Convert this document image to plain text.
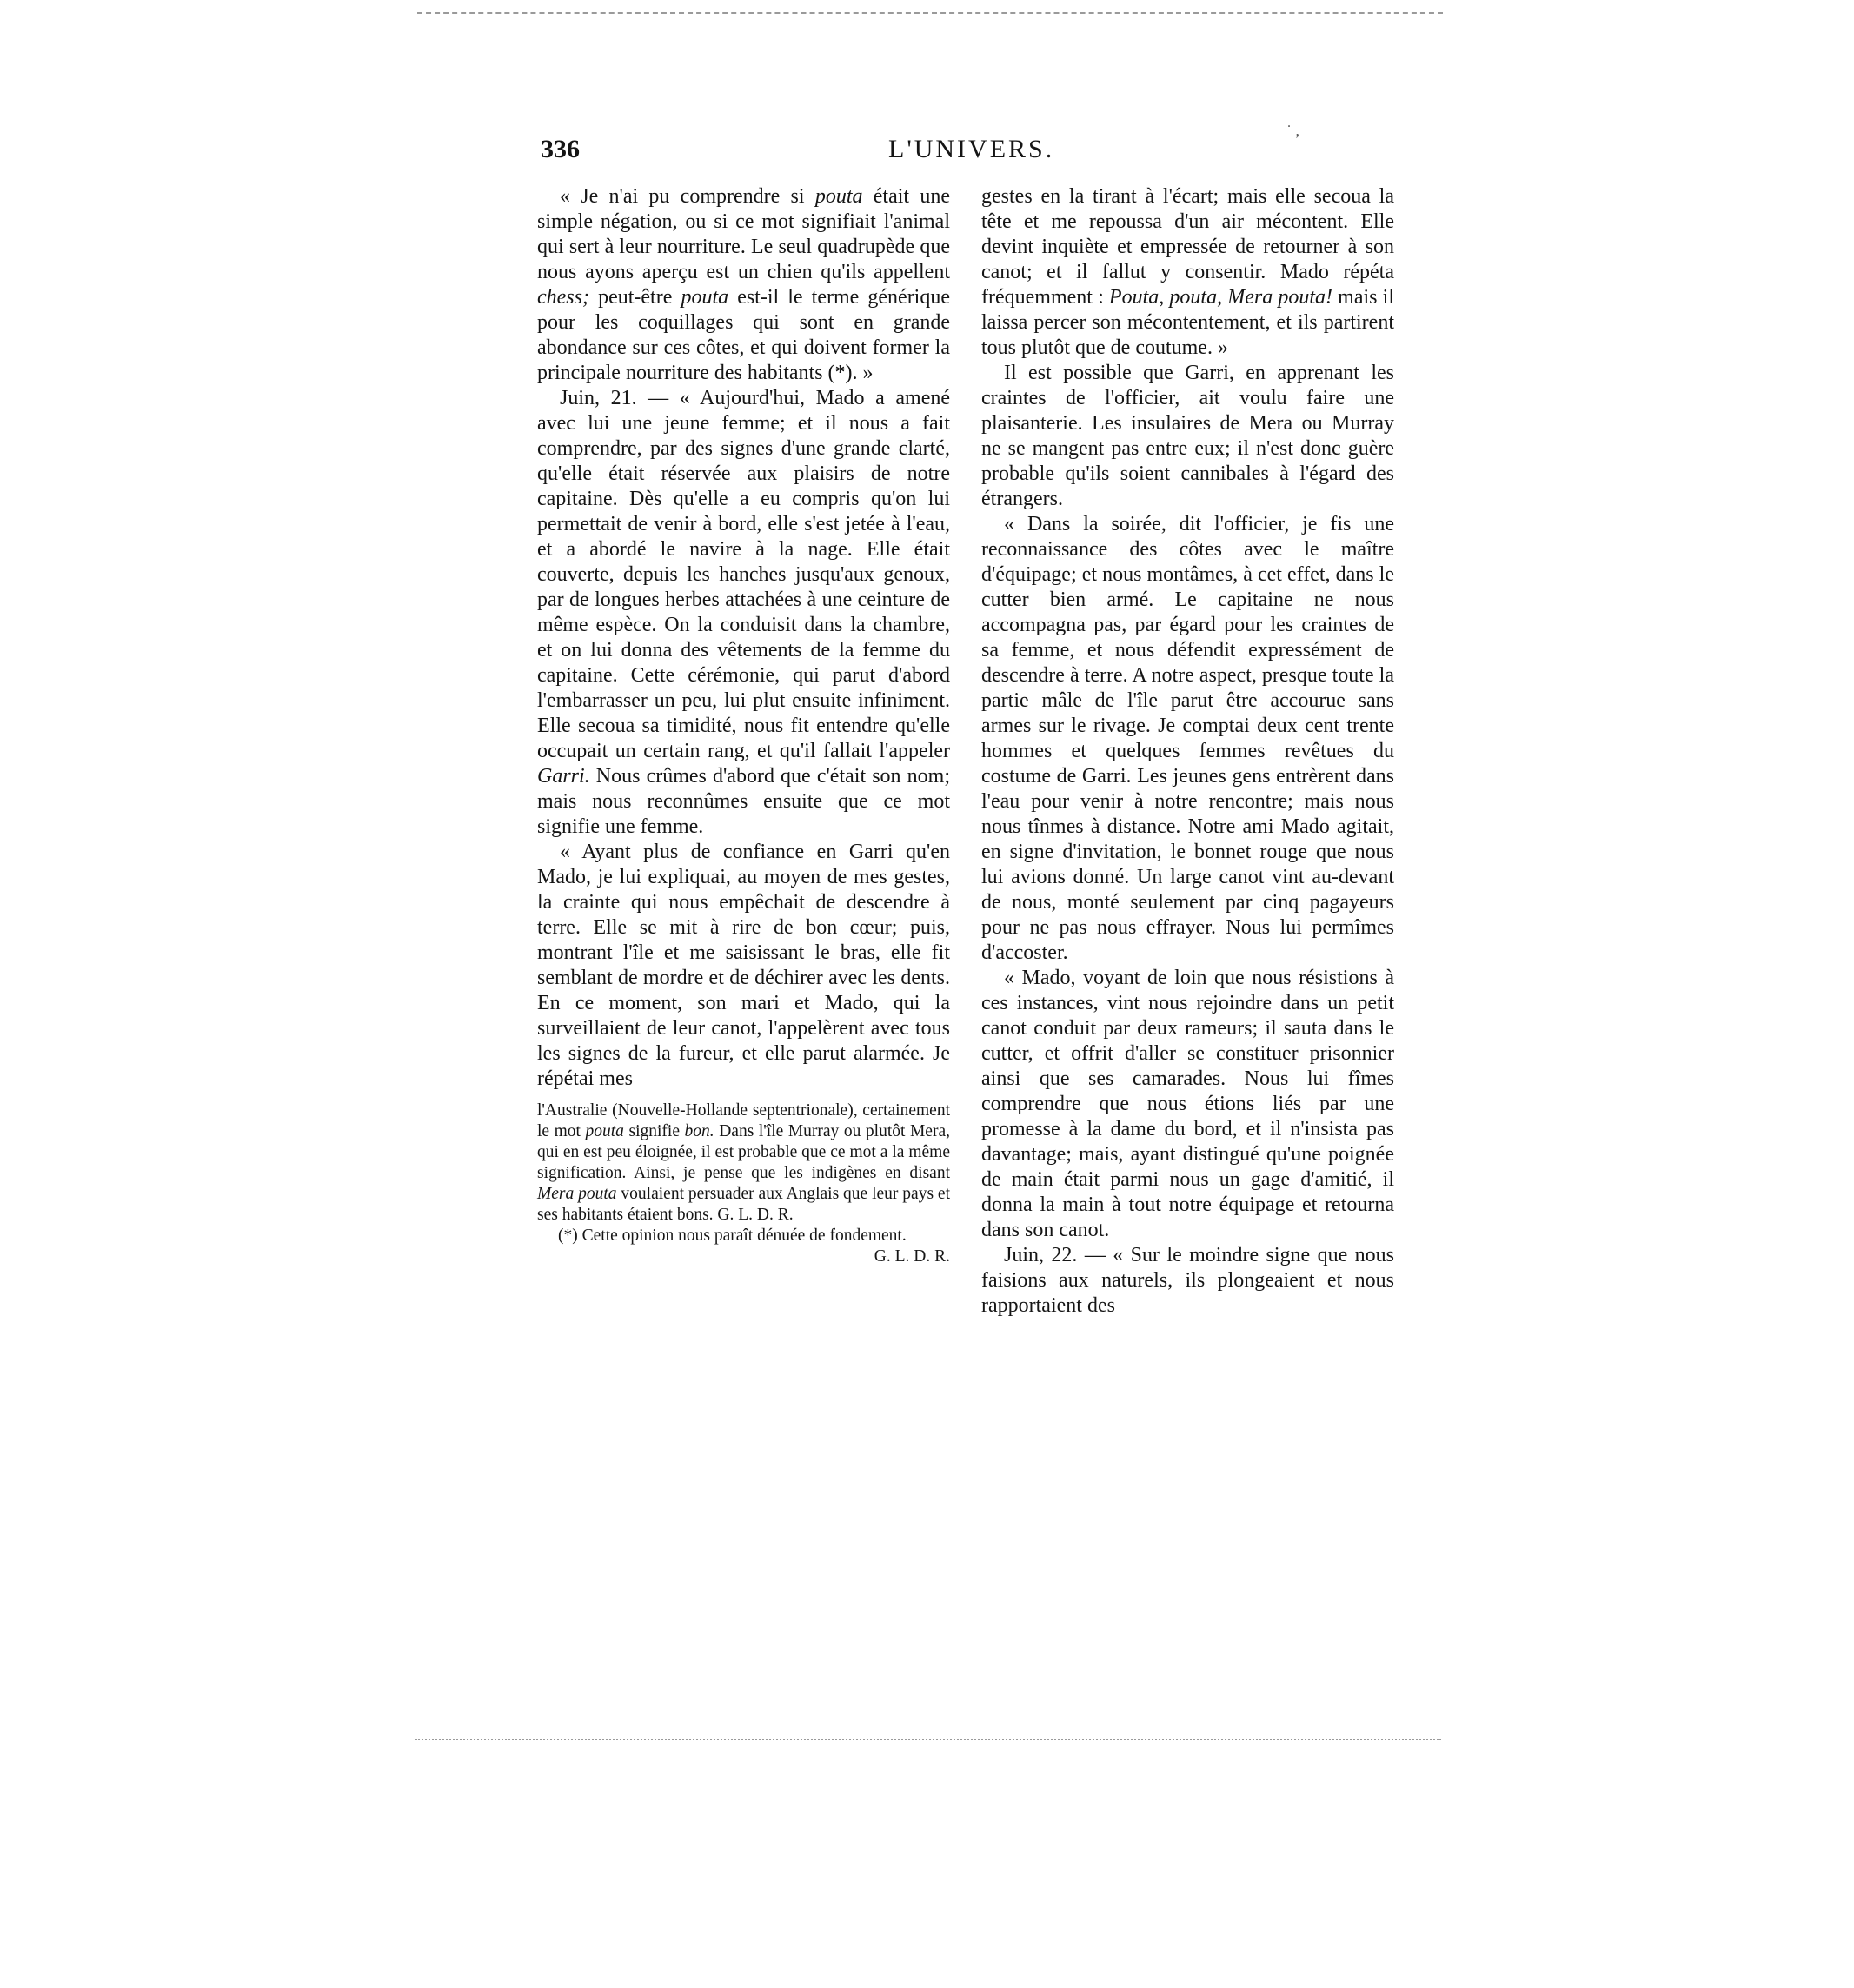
336	L'UNIVERS.
˙ ,

« Je n'ai pu comprendre si pouta était une simple négation, ou si ce mot signifiait l'animal qui sert à leur nourriture. Le seul quadrupède que nous ayons aperçu est un chien qu'ils appellent chess; peut-être pouta est-il le terme générique pour les coquillages qui sont en grande abondance sur ces côtes, et qui doivent former la principale nourriture des habitants (*). »

Juin, 21. — « Aujourd'hui, Mado a amené avec lui une jeune femme; et il nous a fait comprendre, par des signes d'une grande clarté, qu'elle était réservée aux plaisirs de notre capitaine. Dès qu'elle a eu compris qu'on lui permettait de venir à bord, elle s'est jetée à l'eau, et a abordé le navire à la nage. Elle était couverte, depuis les hanches jusqu'aux genoux, par de longues herbes attachées à une ceinture de même espèce. On la conduisit dans la chambre, et on lui donna des vêtements de la femme du capitaine. Cette cérémonie, qui parut d'abord l'embarrasser un peu, lui plut ensuite infiniment. Elle secoua sa timidité, nous fit entendre qu'elle occupait un certain rang, et qu'il fallait l'appeler Garri. Nous crûmes d'abord que c'était son nom; mais nous reconnûmes ensuite que ce mot signifie une femme.

« Ayant plus de confiance en Garri qu'en Mado, je lui expliquai, au moyen de mes gestes, la crainte qui nous empêchait de descendre à terre. Elle se mit à rire de bon cœur; puis, montrant l'île et me saisissant le bras, elle fit semblant de mordre et de déchirer avec les dents. En ce moment, son mari et Mado, qui la surveillaient de leur canot, l'appelèrent avec tous les signes de la fureur, et elle parut alarmée. Je répétai mes

l'Australie (Nouvelle-Hollande septentrionale), certainement le mot pouta signifie bon. Dans l'île Murray ou plutôt Mera, qui en est peu éloignée, il est probable que ce mot a la même signification. Ainsi, je pense que les indigènes en disant Mera pouta voulaient persuader aux Anglais que leur pays et ses habitants étaient bons. G. L. D. R.

(*) Cette opinion nous paraît dénuée de fondement.
G. L. D. R.

gestes en la tirant à l'écart; mais elle secoua la tête et me repoussa d'un air mécontent. Elle devint inquiète et empressée de retourner à son canot; et il fallut y consentir. Mado répéta fréquemment : Pouta, pouta, Mera pouta! mais il laissa percer son mécontentement, et ils partirent tous plutôt que de coutume. »

Il est possible que Garri, en apprenant les craintes de l'officier, ait voulu faire une plaisanterie. Les insulaires de Mera ou Murray ne se mangent pas entre eux; il n'est donc guère probable qu'ils soient cannibales à l'égard des étrangers.

« Dans la soirée, dit l'officier, je fis une reconnaissance des côtes avec le maître d'équipage; et nous montâmes, à cet effet, dans le cutter bien armé. Le capitaine ne nous accompagna pas, par égard pour les craintes de sa femme, et nous défendit expressément de descendre à terre. A notre aspect, presque toute la partie mâle de l'île parut être accourue sans armes sur le rivage. Je comptai deux cent trente hommes et quelques femmes revêtues du costume de Garri. Les jeunes gens entrèrent dans l'eau pour venir à notre rencontre; mais nous nous tînmes à distance. Notre ami Mado agitait, en signe d'invitation, le bonnet rouge que nous lui avions donné. Un large canot vint au-devant de nous, monté seulement par cinq pagayeurs pour ne pas nous effrayer. Nous lui permîmes d'accoster.

« Mado, voyant de loin que nous résistions à ces instances, vint nous rejoindre dans un petit canot conduit par deux rameurs; il sauta dans le cutter, et offrit d'aller se constituer prisonnier ainsi que ses camarades. Nous lui fîmes comprendre que nous étions liés par une promesse à la dame du bord, et il n'insista pas davantage; mais, ayant distingué qu'une poignée de main était parmi nous un gage d'amitié, il donna la main à tout notre équipage et retourna dans son canot.

Juin, 22. — « Sur le moindre signe que nous faisions aux naturels, ils plongeaient et nous rapportaient des
